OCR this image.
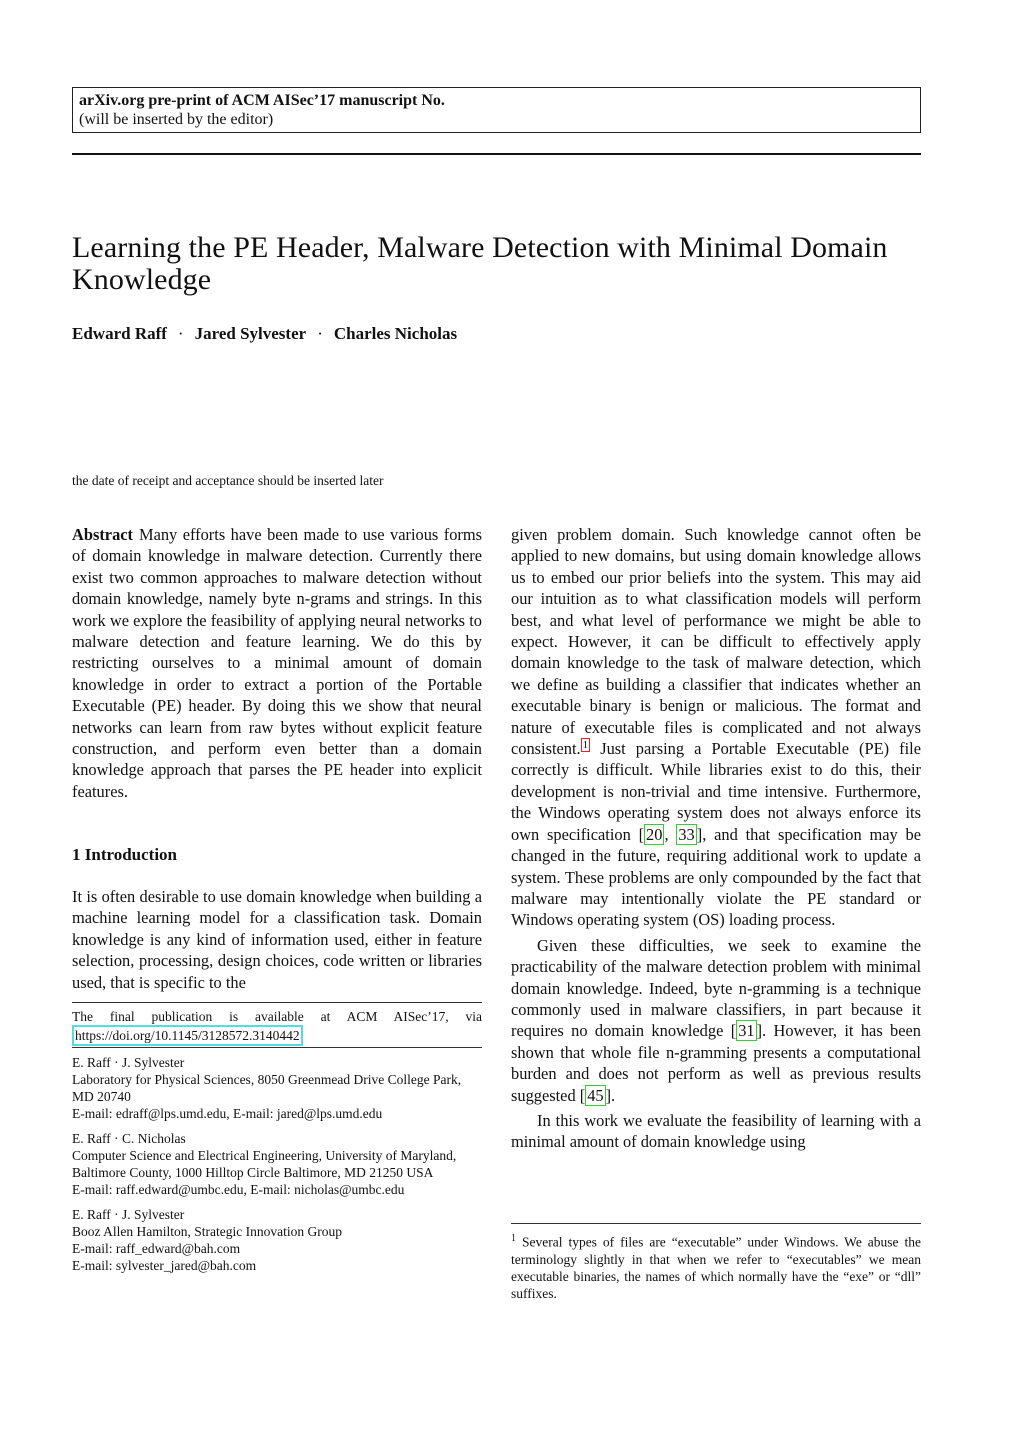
arXiv.org pre-print of ACM AISec’17 manuscript No.
(will be inserted by the editor)
Learning the PE Header, Malware Detection with Minimal Domain Knowledge
Edward Raff · Jared Sylvester · Charles Nicholas
the date of receipt and acceptance should be inserted later

Abstract Many efforts have been made to use various forms of domain knowledge in malware detection. Currently there exist two common approaches to malware detection without domain knowledge, namely byte n-grams and strings. In this work we explore the feasibility of applying neural networks to malware detection and feature learning. We do this by restricting ourselves to a minimal amount of domain knowledge in order to extract a portion of the Portable Executable (PE) header. By doing this we show that neural networks can learn from raw bytes without explicit feature construction, and perform even better than a domain knowledge approach that parses the PE header into explicit features.

1 Introduction

It is often desirable to use domain knowledge when building a machine learning model for a classification task. Domain knowledge is any kind of information used, either in feature selection, processing, design choices, code written or libraries used, that is specific to the

The final publication is available at ACM AISec’17, via https://doi.org/10.1145/3128572.3140442
E. Raff · J. Sylvester
Laboratory for Physical Sciences, 8050 Greenmead Drive College Park, MD 20740
E-mail: edraff@lps.umd.edu, E-mail: jared@lps.umd.edu
E. Raff · C. Nicholas
Computer Science and Electrical Engineering, University of Maryland, Baltimore County, 1000 Hilltop Circle Baltimore, MD 21250 USA
E-mail: raff.edward@umbc.edu, E-mail: nicholas@umbc.edu
E. Raff · J. Sylvester
Booz Allen Hamilton, Strategic Innovation Group
E-mail: raff_edward@bah.com
E-mail: sylvester_jared@bah.com

given problem domain. Such knowledge cannot often be applied to new domains, but using domain knowledge allows us to embed our prior beliefs into the system. This may aid our intuition as to what classification models will perform best, and what level of performance we might be able to expect. However, it can be difficult to effectively apply domain knowledge to the task of malware detection, which we define as building a classifier that indicates whether an executable binary is benign or malicious. The format and nature of executable files is complicated and not always consistent. $^1$ Just parsing a Portable Executable (PE) file correctly is difficult. While libraries exist to do this, their development is non-trivial and time intensive. Furthermore, the Windows operating system does not always enforce its own specification [ 20 , 33 ], and that specification may be changed in the future, requiring additional work to update a system. These problems are only compounded by the fact that malware may intentionally violate the PE standard or Windows operating system (OS) loading process.

Given these difficulties, we seek to examine the practicability of the malware detection problem with minimal domain knowledge. Indeed, byte n-gramming is a technique commonly used in malware classifiers, in part because it requires no domain knowledge [ 31 ]. However, it has been shown that whole file n-gramming presents a computational burden and does not perform as well as previous results suggested [ 45 ].

In this work we evaluate the feasibility of learning with a minimal amount of domain knowledge using

$^1$ Several types of files are “executable” under Windows. We abuse the terminology slightly in that when we refer to “executables” we mean executable binaries, the names of which normally have the “exe” or “dll” suffixes.
